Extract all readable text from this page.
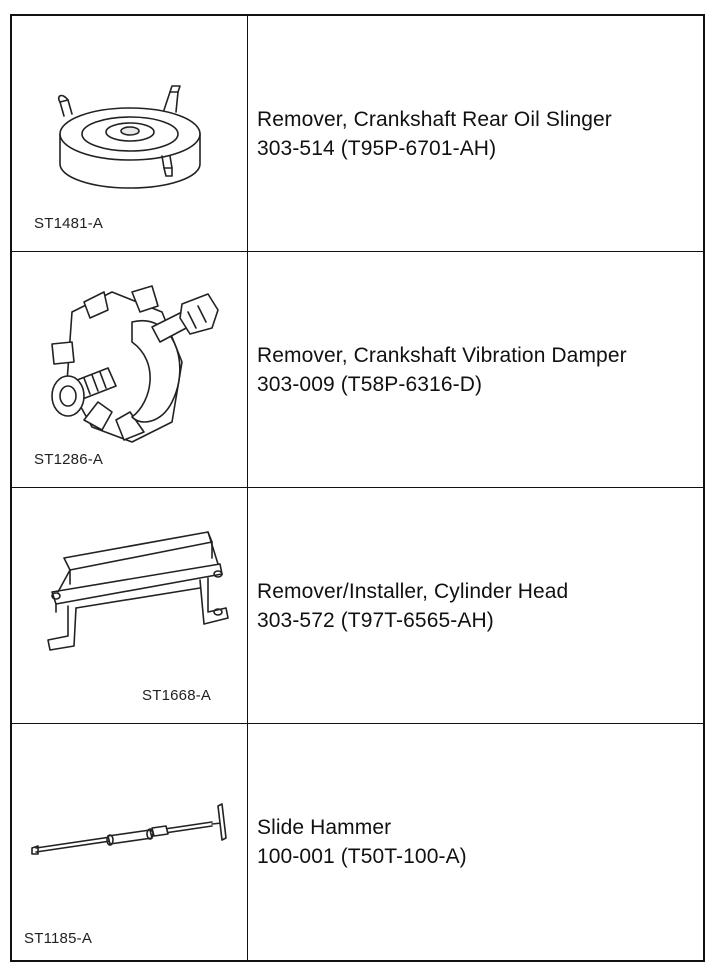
ST1481-A
Remover, Crankshaft Rear Oil Slinger
303-514 (T95P-6701-AH)
ST1286-A
Remover, Crankshaft Vibration Damper
303-009 (T58P-6316-D)
ST1668-A
Remover/Installer, Cylinder Head
303-572 (T97T-6565-AH)
ST1185-A
Slide Hammer
100-001 (T50T-100-A)
